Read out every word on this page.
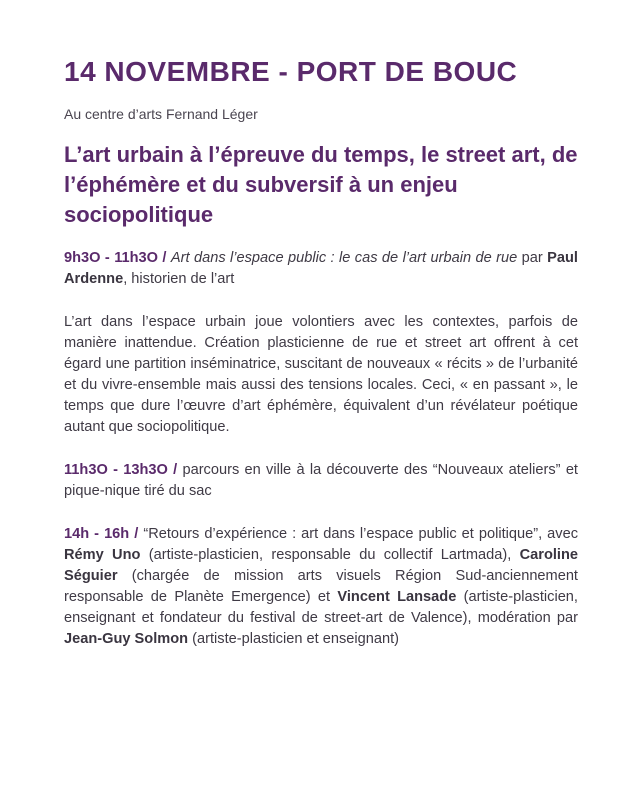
14 NOVEMBRE - PORT DE BOUC

Au centre d’arts Fernand Léger

L’art urbain à l’épreuve du temps, le street art, de l’éphémère et du subversif à un enjeu sociopolitique

9h3O - 11h3O / Art dans l’espace public : le cas de l’art urbain de rue par Paul Ardenne, historien de l’art

L’art dans l’espace urbain joue volontiers avec les contextes, parfois de manière inattendue. Création plasticienne de rue et street art offrent à cet égard une partition inséminatrice, suscitant de nouveaux « récits » de l’urbanité et du vivre-ensemble mais aussi des tensions locales. Ceci, « en passant », le temps que dure l’œuvre d’art éphémère, équivalent d’un révélateur poétique autant que sociopolitique.

11h3O - 13h3O / parcours en ville à la découverte des “Nouveaux ateliers” et pique-nique tiré du sac

14h - 16h / “Retours d’expérience : art dans l’espace public et politique”, avec Rémy Uno (artiste-plasticien, responsable du collectif Lartmada), Caroline Séguier (chargée de mission arts visuels Région Sud-anciennement responsable de Planète Emergence) et Vincent Lansade (artiste-plasticien, enseignant et fondateur du festival de street-art de Valence), modération par Jean-Guy Solmon (artiste-plasticien et enseignant)
